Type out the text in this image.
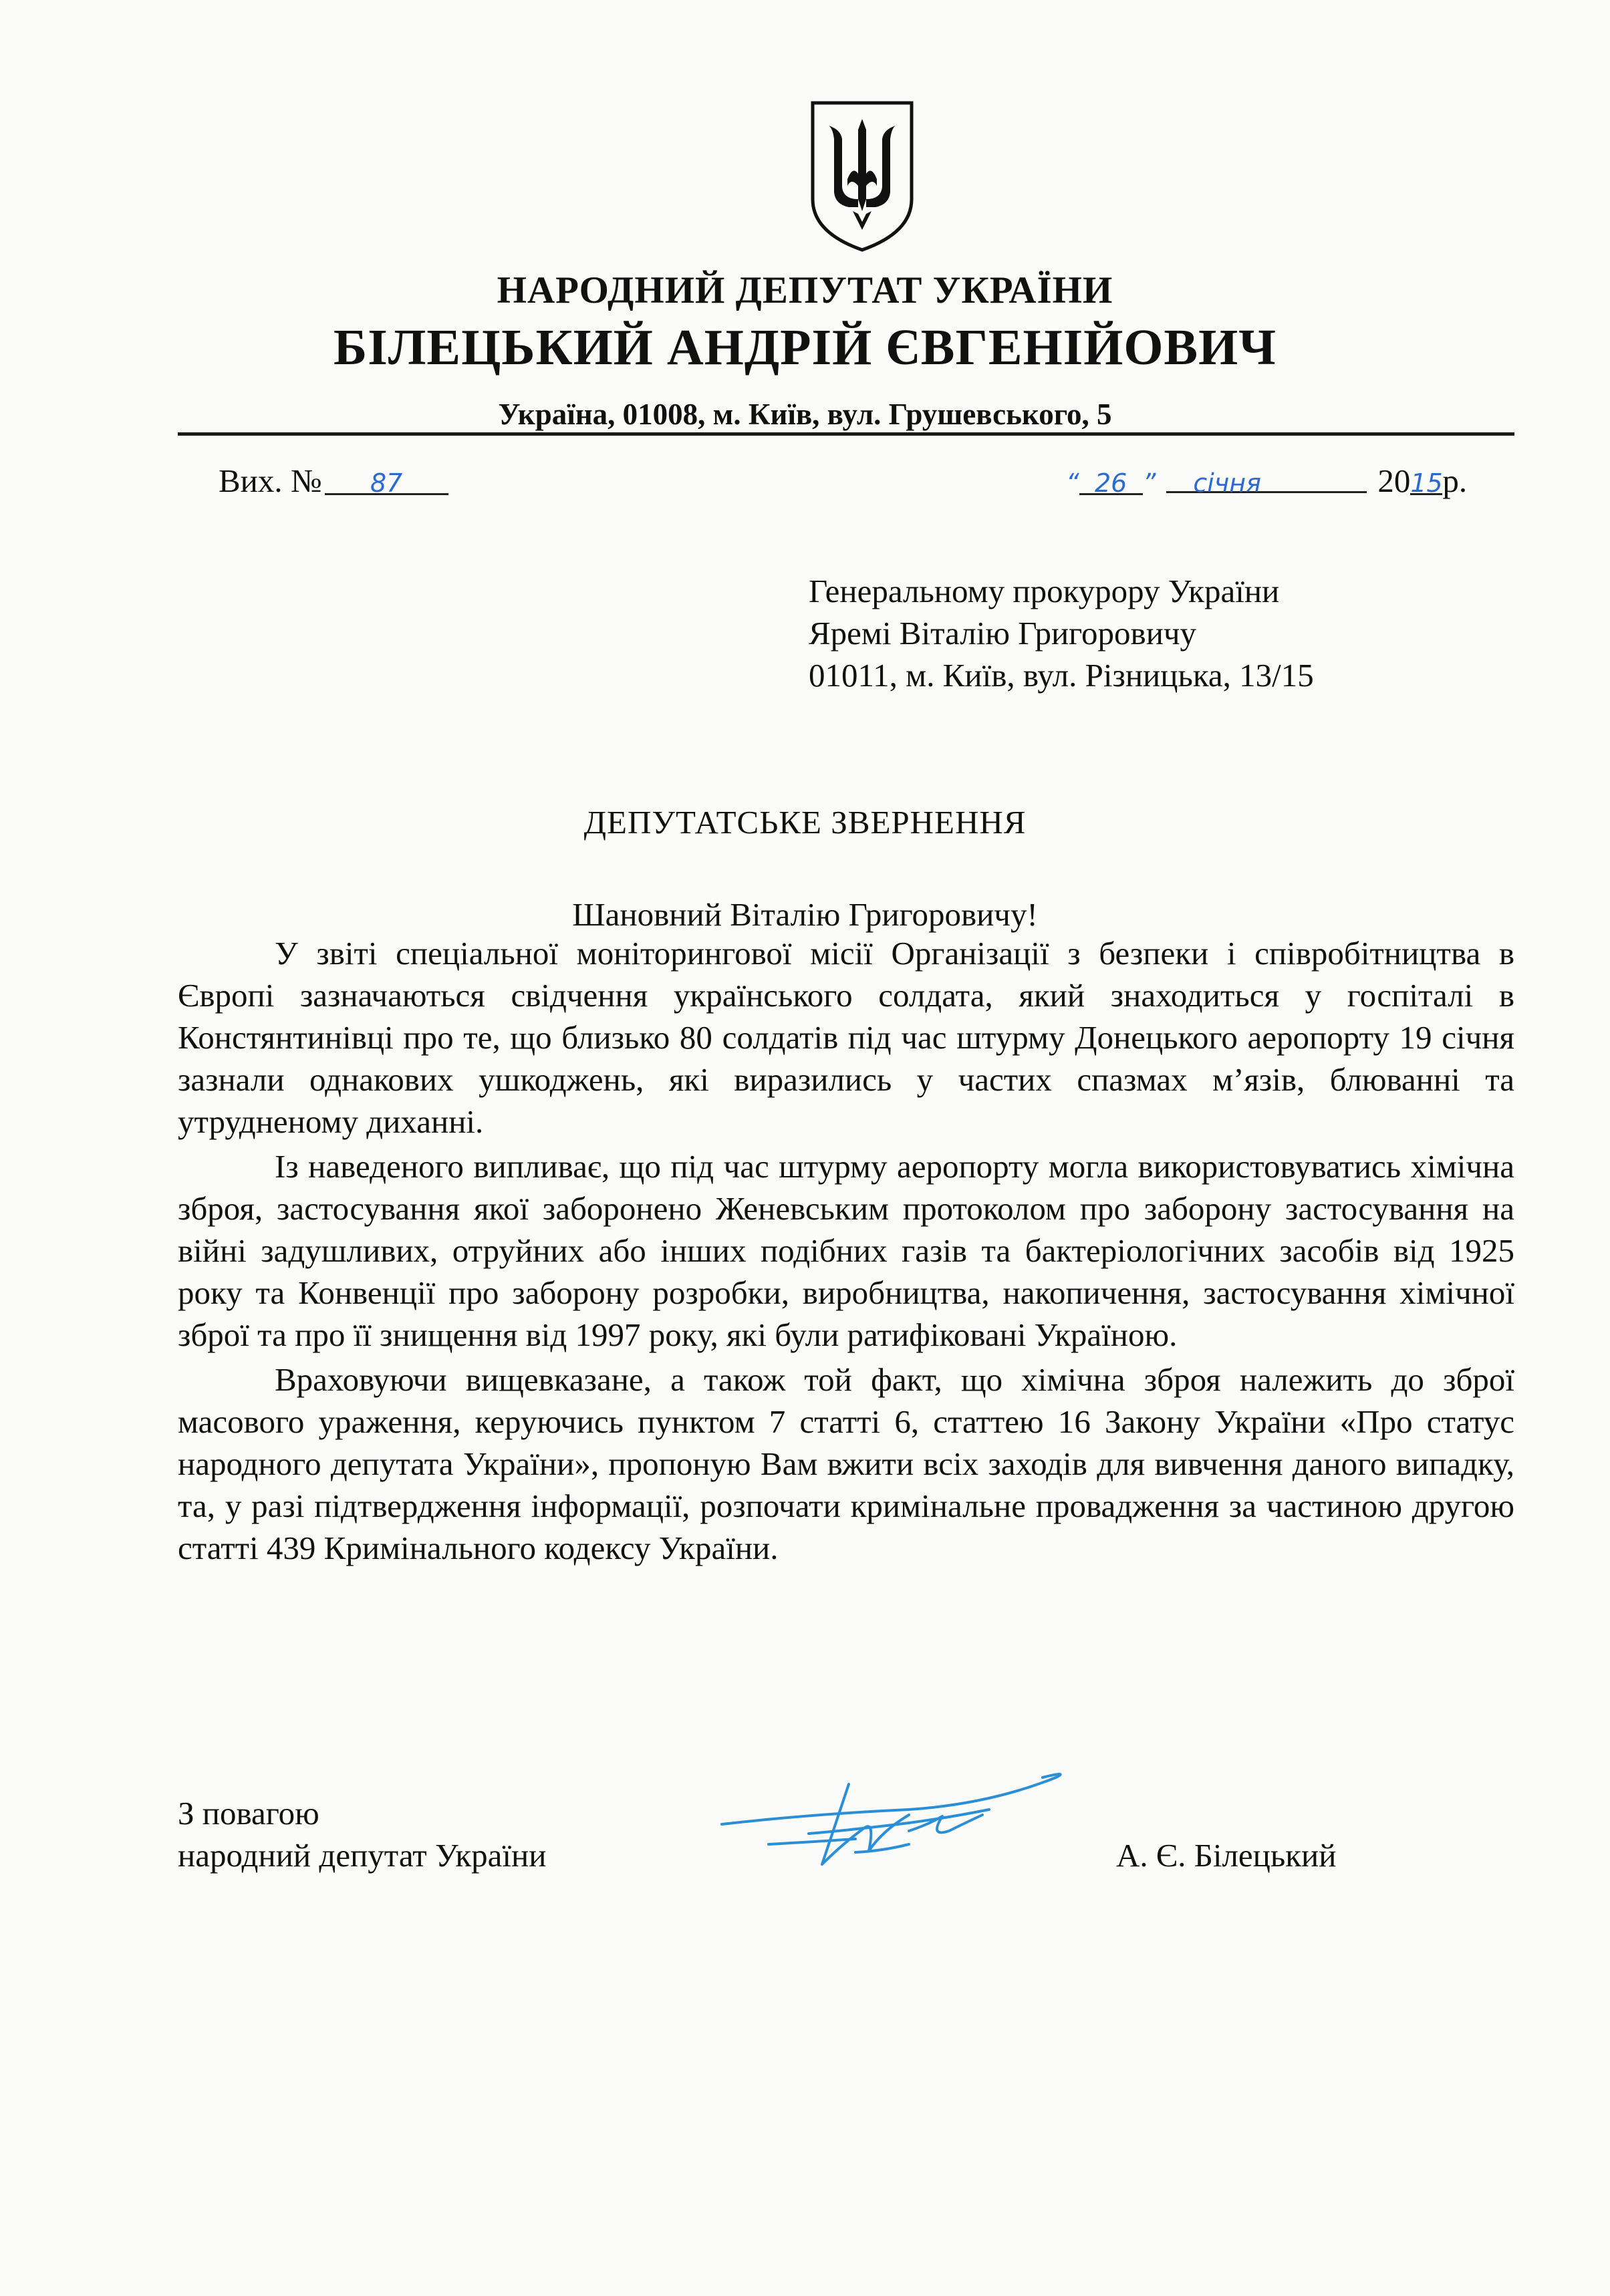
НАРОДНИЙ ДЕПУТАТ УКРАЇНИ
БІЛЕЦЬКИЙ АНДРІЙ ЄВГЕНІЙОВИЧ
Україна, 01008, м. Київ, вул. Грушевського, 5
Вих. № 87	“ 26 ” січня	2015р.
Генеральному прокурору України
Яремі Віталію Григоровичу
01011, м. Київ, вул. Різницька, 13/15
ДЕПУТАТСЬКЕ ЗВЕРНЕННЯ
Шановний Віталію Григоровичу!

У звіті спеціальної моніторингової місії Організації з безпеки і співробітництва в Європі зазначаються свідчення українського солдата, який знаходиться у госпіталі в Констянтинівці про те, що близько 80 солдатів під час штурму Донецького аеропорту 19 січня зазнали однакових ушкоджень, які виразились у частих спазмах м’язів, блюванні та утрудненому диханні.

Із наведеного випливає, що під час штурму аеропорту могла використовуватись хімічна зброя, застосування якої заборонено Женевським протоколом про заборону застосування на війні задушливих, отруйних або інших подібних газів та бактеріологічних засобів від 1925 року та Конвенції про заборону розробки, виробництва, накопичення, застосування хімічної зброї та про її знищення від 1997 року, які були ратифіковані Україною.

Враховуючи вищевказане, а також той факт, що хімічна зброя належить до зброї масового ураження, керуючись пунктом 7 статті 6, статтею 16 Закону України «Про статус народного депутата України», пропоную Вам вжити всіх заходів для вивчення даного випадку, та, у разі підтвердження інформації, розпочати кримінальне провадження за частиною другою статті 439 Кримінального кодексу України.

З повагою
народний депутат України	А. Є. Білецький
